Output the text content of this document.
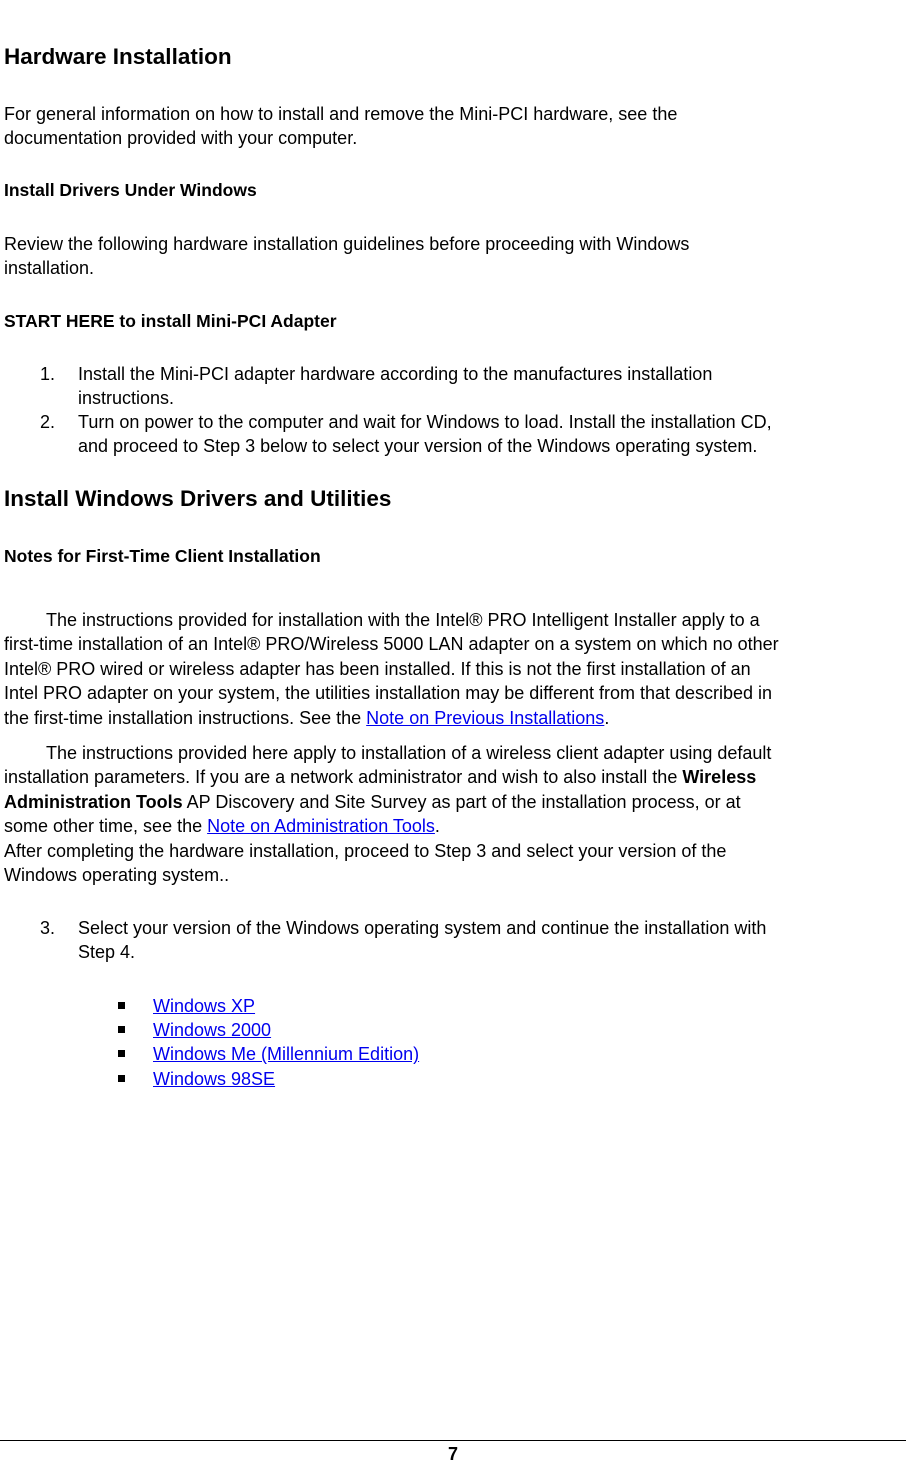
Hardware Installation

For general information on how to install and remove the Mini-PCI hardware, see the
documentation provided with your computer.

Install Drivers Under Windows

Review the following hardware installation guidelines before proceeding with Windows
installation.

START HERE to install Mini-PCI Adapter
1. Install the Mini-PCI adapter hardware according to the manufactures installation
instructions.
2. Turn on power to the computer and wait for Windows to load. Install the installation CD,
and proceed to Step 3 below to select your version of the Windows operating system.
Install Windows Drivers and Utilities
Notes for First-Time Client Installation

The instructions provided for installation with the Intel® PRO Intelligent Installer apply to a
first-time installation of an Intel® PRO/Wireless 5000 LAN adapter on a system on which no other
Intel® PRO wired or wireless adapter has been installed. If this is not the first installation of an
Intel PRO adapter on your system, the utilities installation may be different from that described in
the first-time installation instructions. See the Note on Previous Installations.

The instructions provided here apply to installation of a wireless client adapter using default
installation parameters. If you are a network administrator and wish to also install the Wireless
Administration Tools AP Discovery and Site Survey as part of the installation process, or at
some other time, see the Note on Administration Tools.
After completing the hardware installation, proceed to Step 3 and select your version of the
Windows operating system..

3. Select your version of the Windows operating system and continue the installation with
Step 4.
Windows XP
Windows 2000
Windows Me (Millennium Edition)
Windows 98SE
7
